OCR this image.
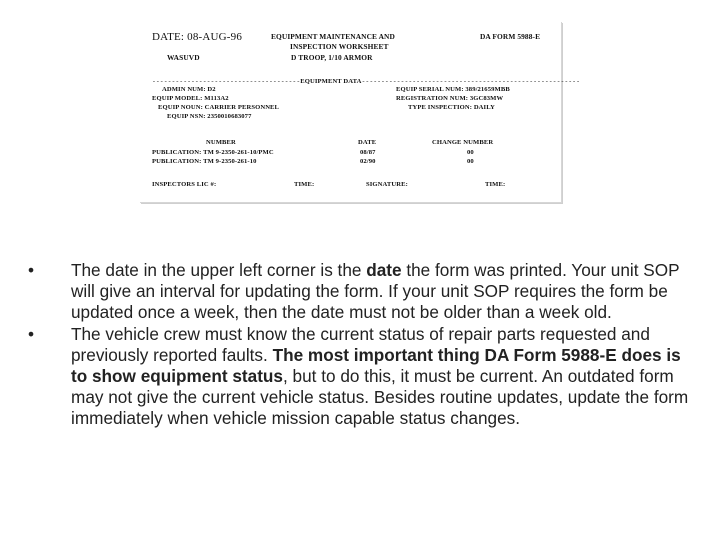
DATE: 08-AUG-96	EQUIPMENT MAINTENANCE AND
INSPECTION WORKSHEET
D TROOP, 1/10 ARMOR
DA FORM 5988-E
WASUVD
--------------------------------------EQUIPMENT DATA--------------------------------------------------------
ADMIN NUM: D2
EQUIP MODEL: M113A2
EQUIP NOUN: CARRIER PERSONNEL
EQUIP NSN: 2350010683077
EQUIP SERIAL NUM: 389/21659MBB
REGISTRATION NUM: 3GC83MW
TYPE INSPECTION: DAILY
NUMBER	DATE	CHANGE NUMBER
PUBLICATION: TM 9-2350-261-10/PMC	08/87	00
PUBLICATION: TM 9-2350-261-10	02/90	00
INSPECTORS LIC #:	TIME:	SIGNATURE:	TIME:
• The date in the upper left corner is the date the form was printed. Your unit SOP will give an interval for updating the form. If your unit SOP requires the form be updated once a week, then the date must not be older than a week old.
• The vehicle crew must know the current status of repair parts requested and previously reported faults. The most important thing DA Form 5988-E does is to show equipment status, but to do this, it must be current. An outdated form may not give the current vehicle status. Besides routine updates, update the form immediately when vehicle mission capable status changes.
